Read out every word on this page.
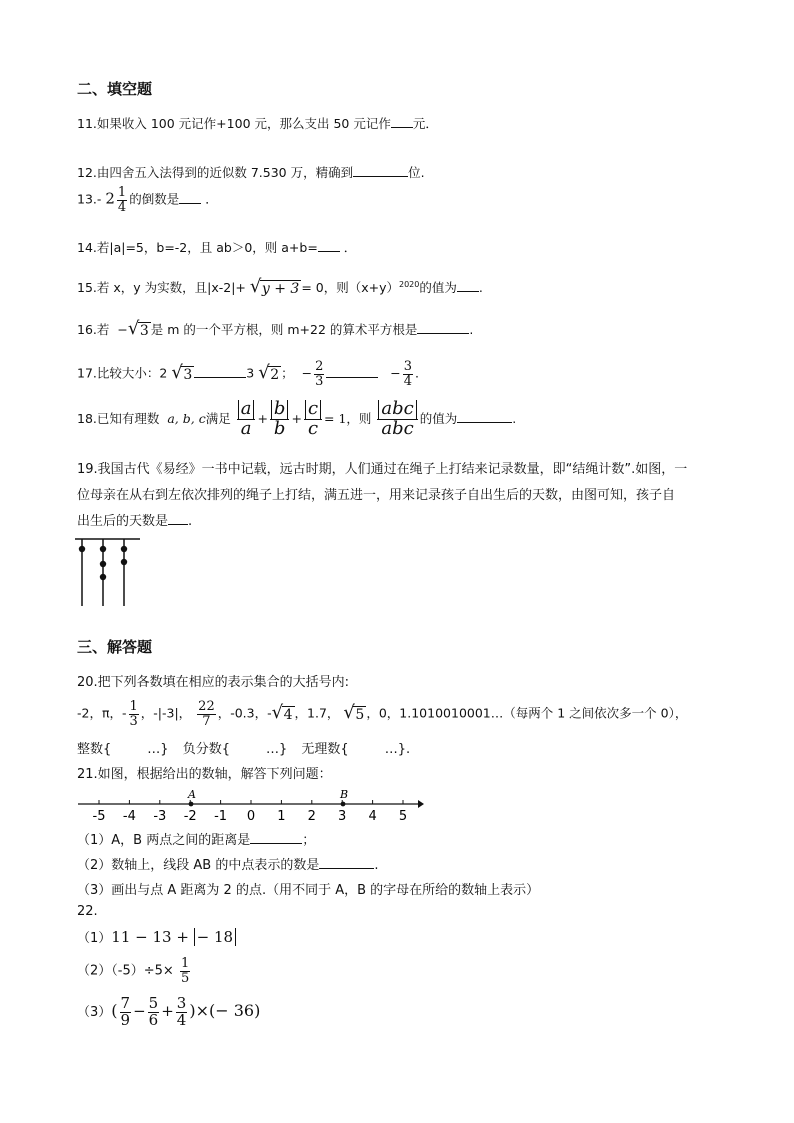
二、填空题
11.如果收入 100 元记作+100 元，那么支出 50 元记作 元．
12.由四舍五入法得到的近似数 7.530 万，精确到	位.
13.- $2 \frac{1}{4}$ 的倒数是 ．
14.若|a|=5，b=-2，且 ab＞0，则 a+b= ．
15.若 x，y 为实数，且|x-2|+ √ y + 3 = 0，则$(x+y)^{2020}$的值为 .
16.若 − √ 3 是 m 的一个平方根，则 m+22 的算术平方根是	.
17.比较大小：2 √ 3	3 √ 2 ； − $\frac{2}{3}$	− $\frac{3}{4}$ .
18.已知有理数 a, b, c满足 $\frac{a}{a} + \frac{b}{b} + \frac{c}{c} = 1$，则 $\frac{\text{abc}}{\text{abc}}$ 的值为	.
19.我国古代《易经》一书中记载，远古时期，人们通过在绳子上打结来记录数量，即“结绳计数”.如图，一
位母亲在从右到左依次排列的绳子上打结，满五进一，用来记录孩子自出生后的天数，由图可知，孩子自
出生后的天数是 .
三、解答题
20.把下列各数填在相应的表示集合的大括号内:
-2，π，- $\frac{1}{3}$ ，-|-3|， $\frac{22}{7}$ ，-0.3，- √ 4 ，1.7， √ 5 ，0，1.1010010001…（每两个 1 之间依次多一个 0），
整数{	…} 负分数{	…} 无理数{	…}.
21.如图，根据给出的数轴，解答下列问题：
-5 -4 -3 -2 -1 0 1 2 3 4 5
A	B
（1）A，B 两点之间的距离是	；
（2）数轴上，线段 AB 的中点表示的数是	.
（3）画出与点 A 距离为 2 的点.（用不同于 A，B 的字母在所给的数轴上表示）
22.
（1）11 − 13 + − 18
$(2)(-5)\div 5\times \frac{1}{5}$
$(3)( \frac{7}{9} - \frac{5}{6} + \frac{3}{4}$ )×(− 36)
